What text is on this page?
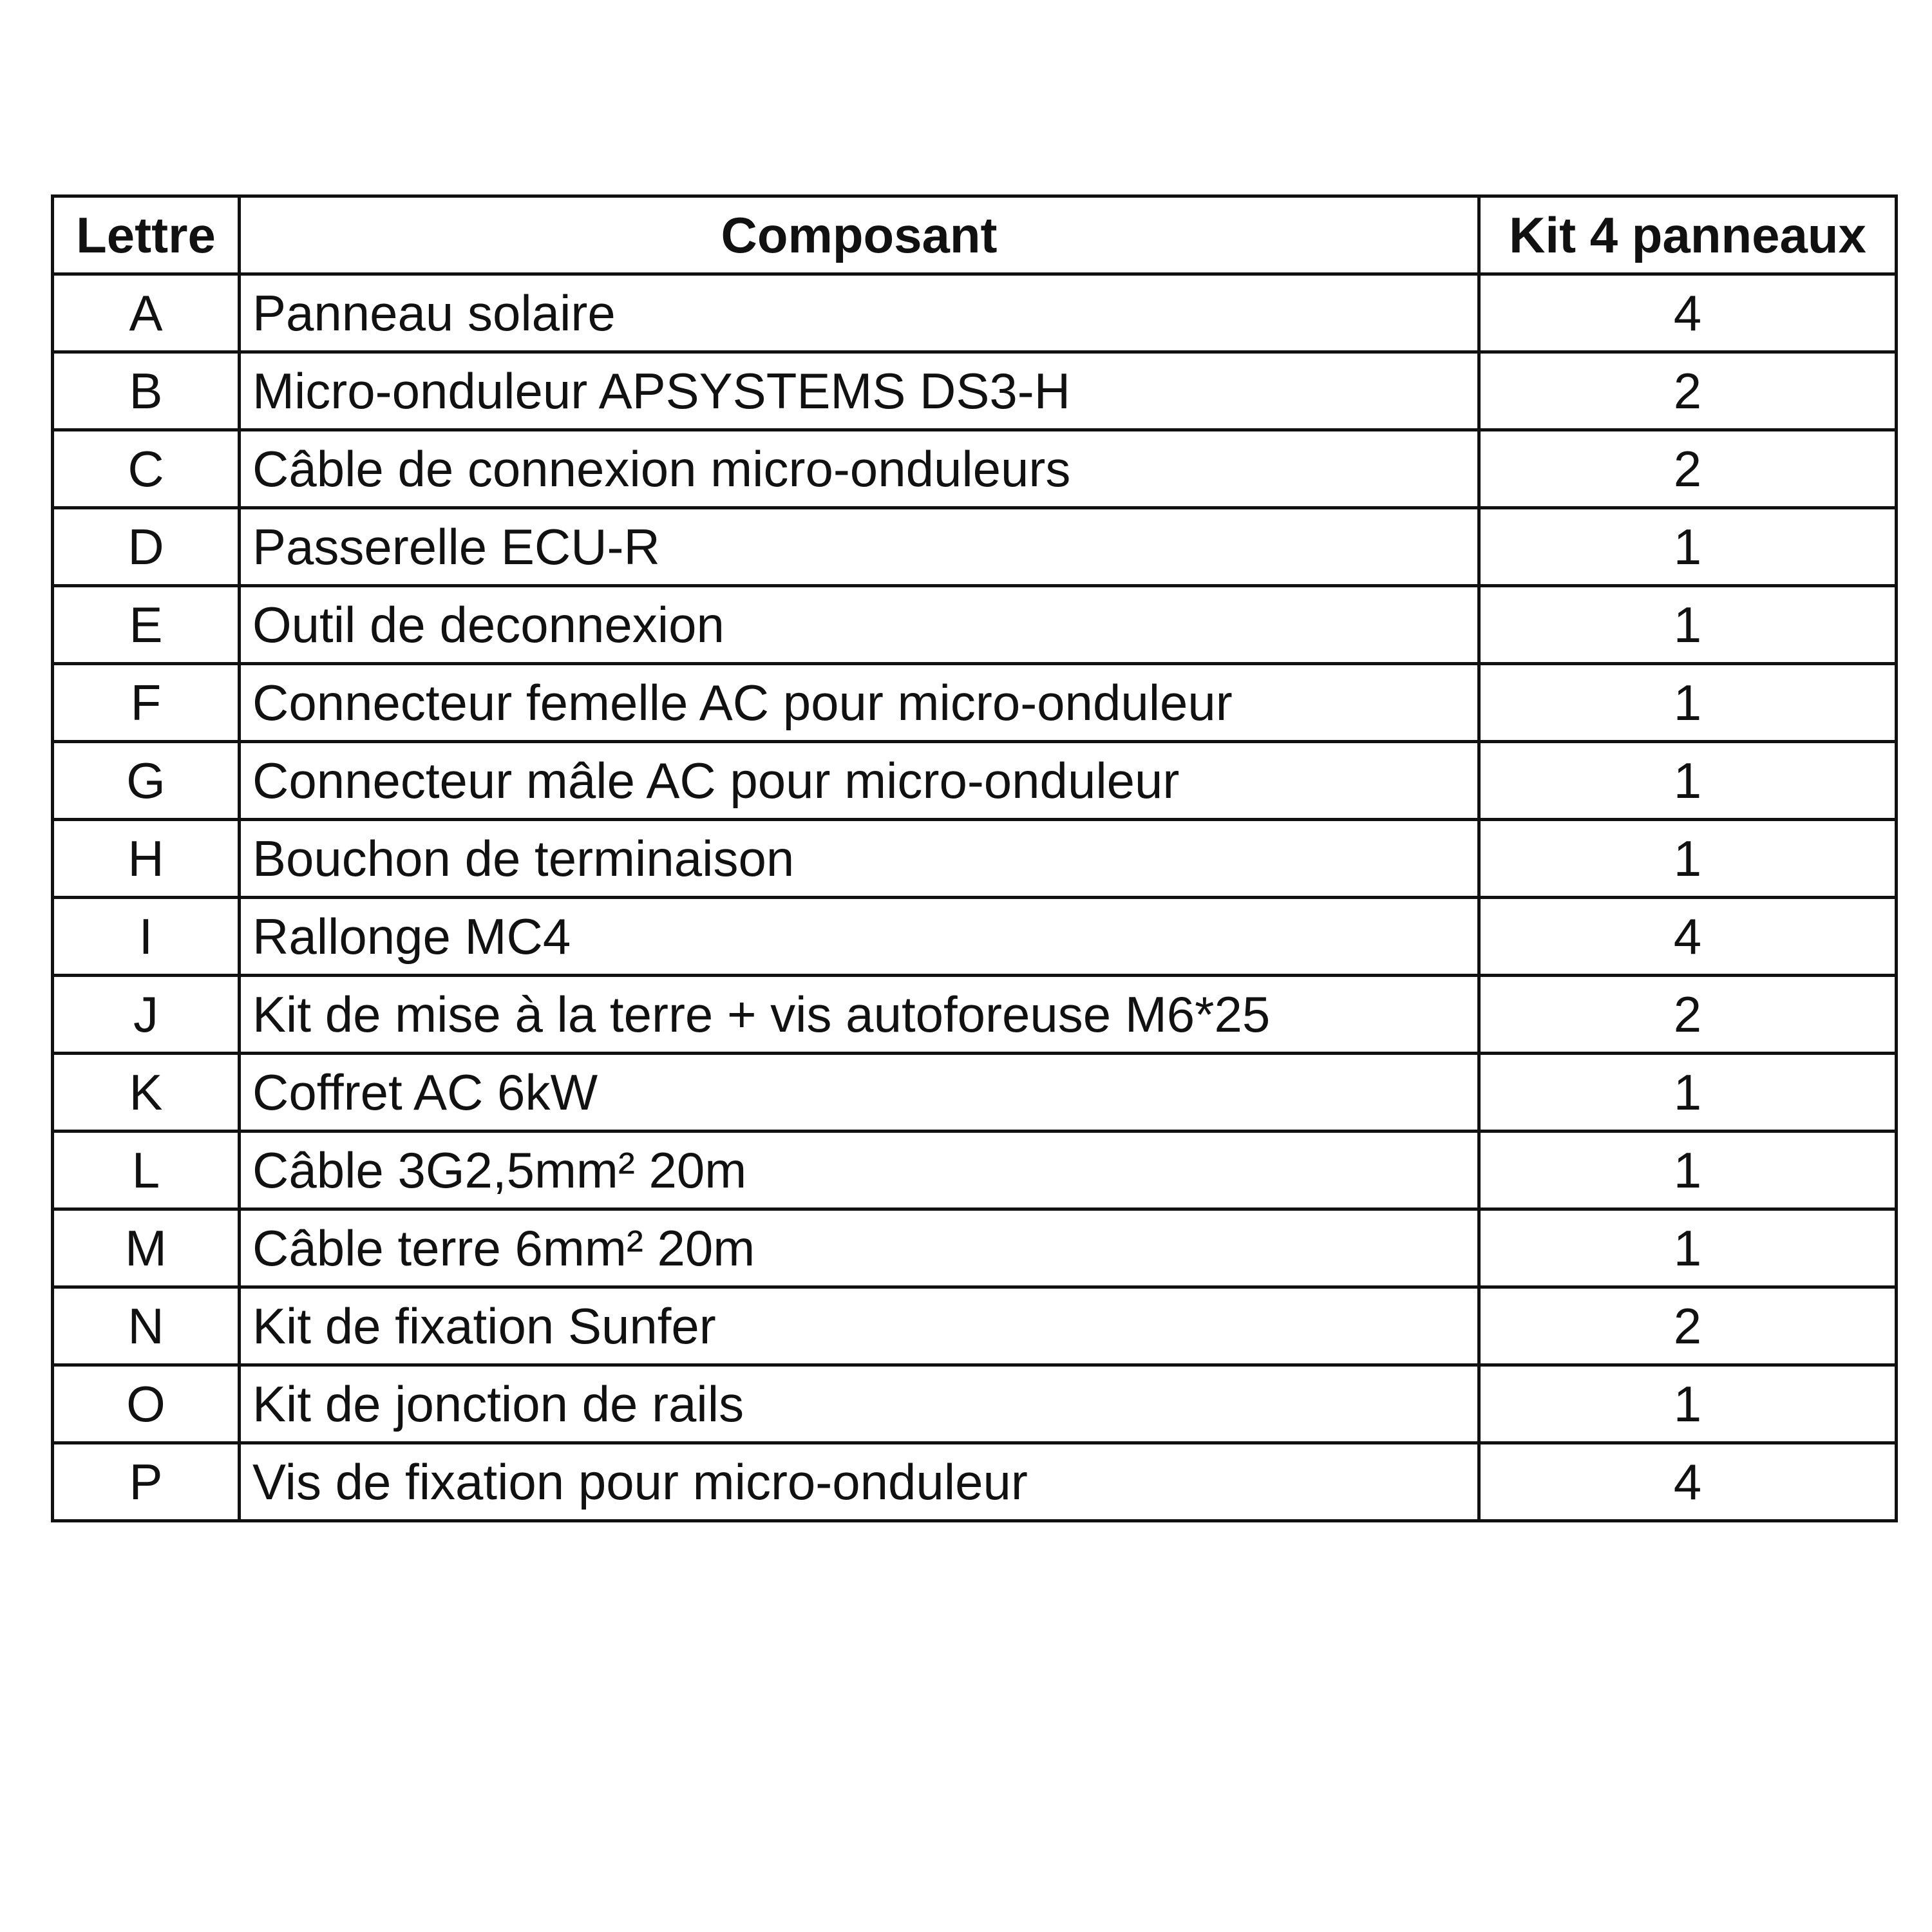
Lettre	Composant	Kit 4 panneaux
A	Panneau solaire	4
B	Micro-onduleur APSYSTEMS DS3-H	2
C	Câble de connexion micro-onduleurs	2
D	Passerelle ECU-R	1
E	Outil de deconnexion	1
F	Connecteur femelle AC pour micro-onduleur	1
G	Connecteur mâle AC pour micro-onduleur	1
H	Bouchon de terminaison	1
I	Rallonge MC4	4
J	Kit de mise à la terre + vis autoforeuse M6*25	2
K	Coffret AC 6kW	1
L	Câble 3G2,5mm² 20m	1
M	Câble terre 6mm² 20m	1
N	Kit de fixation Sunfer	2
O	Kit de jonction de rails	1
P	Vis de fixation pour micro-onduleur	4
